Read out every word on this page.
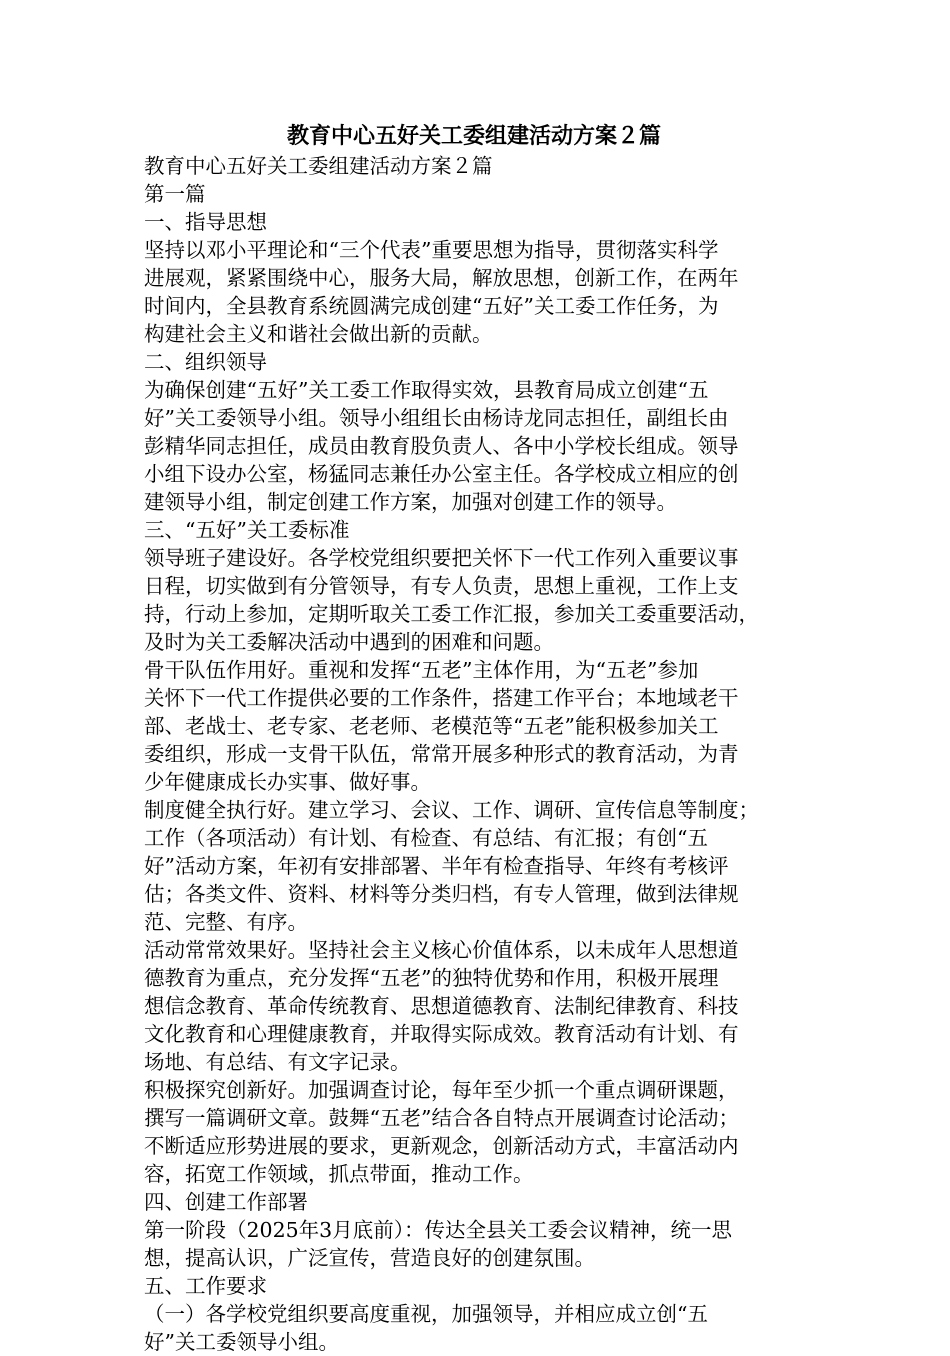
教育中心五好关工委组建活动方案２篇

教育中心五好关工委组建活动方案２篇

第一篇

一、指导思想

坚持以邓小平理论和“三个代表”重要思想为指导，贯彻落实科学

进展观，紧紧围绕中心，服务大局，解放思想，创新工作，在两年

时间内，全县教育系统圆满完成创建“五好”关工委工作任务，为

构建社会主义和谐社会做出新的贡献。

二、组织领导

为确保创建“五好”关工委工作取得实效，县教育局成立创建“五

好”关工委领导小组。领导小组组长由杨诗龙同志担任，副组长由

彭精华同志担任，成员由教育股负责人、各中小学校长组成。领导

小组下设办公室，杨猛同志兼任办公室主任。各学校成立相应的创

建领导小组，制定创建工作方案，加强对创建工作的领导。

三、“五好”关工委标准

领导班子建设好。各学校党组织要把关怀下一代工作列入重要议事

日程，切实做到有分管领导，有专人负责，思想上重视，工作上支

持，行动上参加，定期听取关工委工作汇报，参加关工委重要活动，

及时为关工委解决活动中遇到的困难和问题。

骨干队伍作用好。重视和发挥“五老”主体作用，为“五老”参加

关怀下一代工作提供必要的工作条件，搭建工作平台；本地域老干

部、老战士、老专家、老老师、老模范等“五老”能积极参加关工

委组织，形成一支骨干队伍，常常开展多种形式的教育活动，为青

少年健康成长办实事、做好事。

制度健全执行好。建立学习、会议、工作、调研、宣传信息等制度；

工作（各项活动）有计划、有检查、有总结、有汇报；有创“五

好”活动方案，年初有安排部署、半年有检查指导、年终有考核评

估；各类文件、资料、材料等分类归档，有专人管理，做到法律规

范、完整、有序。

活动常常效果好。坚持社会主义核心价值体系，以未成年人思想道

德教育为重点，充分发挥“五老”的独特优势和作用，积极开展理

想信念教育、革命传统教育、思想道德教育、法制纪律教育、科技

文化教育和心理健康教育，并取得实际成效。教育活动有计划、有

场地、有总结、有文字记录。

积极探究创新好。加强调查讨论，每年至少抓一个重点调研课题，

撰写一篇调研文章。鼓舞“五老”结合各自特点开展调查讨论活动；

不断适应形势进展的要求，更新观念，创新活动方式，丰富活动内

容，拓宽工作领域，抓点带面，推动工作。

四、创建工作部署

第一阶段（2025年3月底前）：传达全县关工委会议精神，统一思

想，提高认识，广泛宣传，营造良好的创建氛围。

五、工作要求

（一）各学校党组织要高度重视，加强领导，并相应成立创“五

好”关工委领导小组。
